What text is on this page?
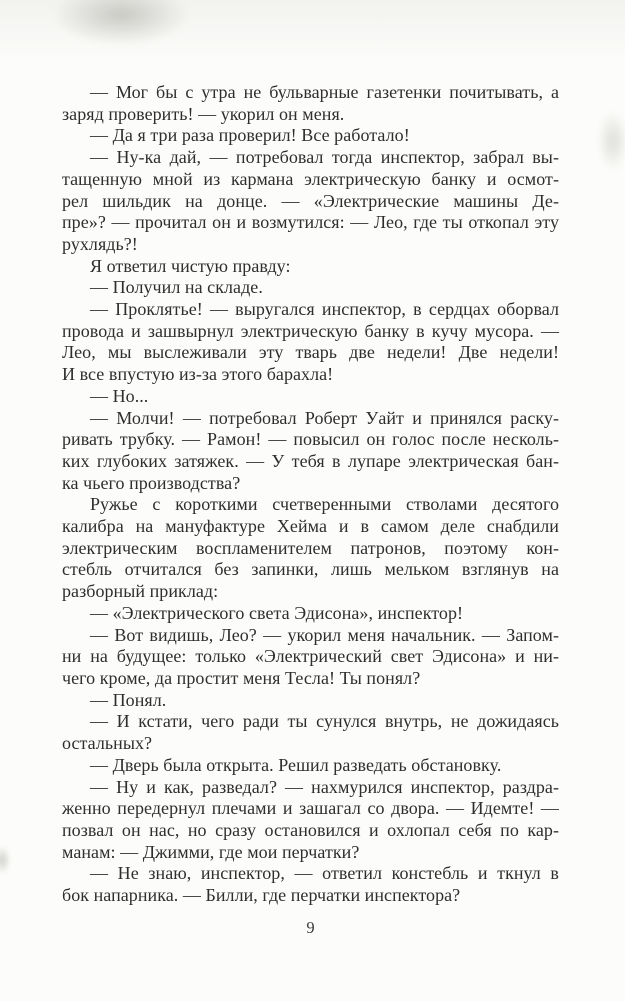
— Мог бы с утра не бульварные газетенки почитывать, а
заряд проверить! — укорил он меня.
— Да я три раза проверил! Все работало!
— Ну-ка дай, — потребовал тогда инспектор, забрал вы-
тащенную мной из кармана электрическую банку и осмот-
рел шильдик на донце. — «Электрические машины Де-
пре»? — прочитал он и возмутился: — Лео, где ты откопал эту
рухлядь?!
Я ответил чистую правду:
— Получил на складе.
— Проклятье! — выругался инспектор, в сердцах оборвал
провода и зашвырнул электрическую банку в кучу мусора. —
Лео, мы выслеживали эту тварь две недели! Две недели!
И все впустую из-за этого барахла!
— Но...
— Молчи! — потребовал Роберт Уайт и принялся раску-
ривать трубку. — Рамон! — повысил он голос после несколь-
ких глубоких затяжек. — У тебя в лупаре электрическая бан-
ка чьего производства?
Ружье с короткими счетверенными стволами десятого
калибра на мануфактуре Хейма и в самом деле снабдили
электрическим воспламенителем патронов, поэтому кон-
стебль отчитался без запинки, лишь мельком взглянув на
разборный приклад:
— «Электрического света Эдисона», инспектор!
— Вот видишь, Лео? — укорил меня начальник. — Запом-
ни на будущее: только «Электрический свет Эдисона» и ни-
чего кроме, да простит меня Тесла! Ты понял?
— Понял.
— И кстати, чего ради ты сунулся внутрь, не дожидаясь
остальных?
— Дверь была открыта. Решил разведать обстановку.
— Ну и как, разведал? — нахмурился инспектор, раздра-
женно передернул плечами и зашагал со двора. — Идемте! —
позвал он нас, но сразу остановился и охлопал себя по кар-
манам: — Джимми, где мои перчатки?
— Не знаю, инспектор, — ответил констебль и ткнул в
бок напарника. — Билли, где перчатки инспектора?
9
